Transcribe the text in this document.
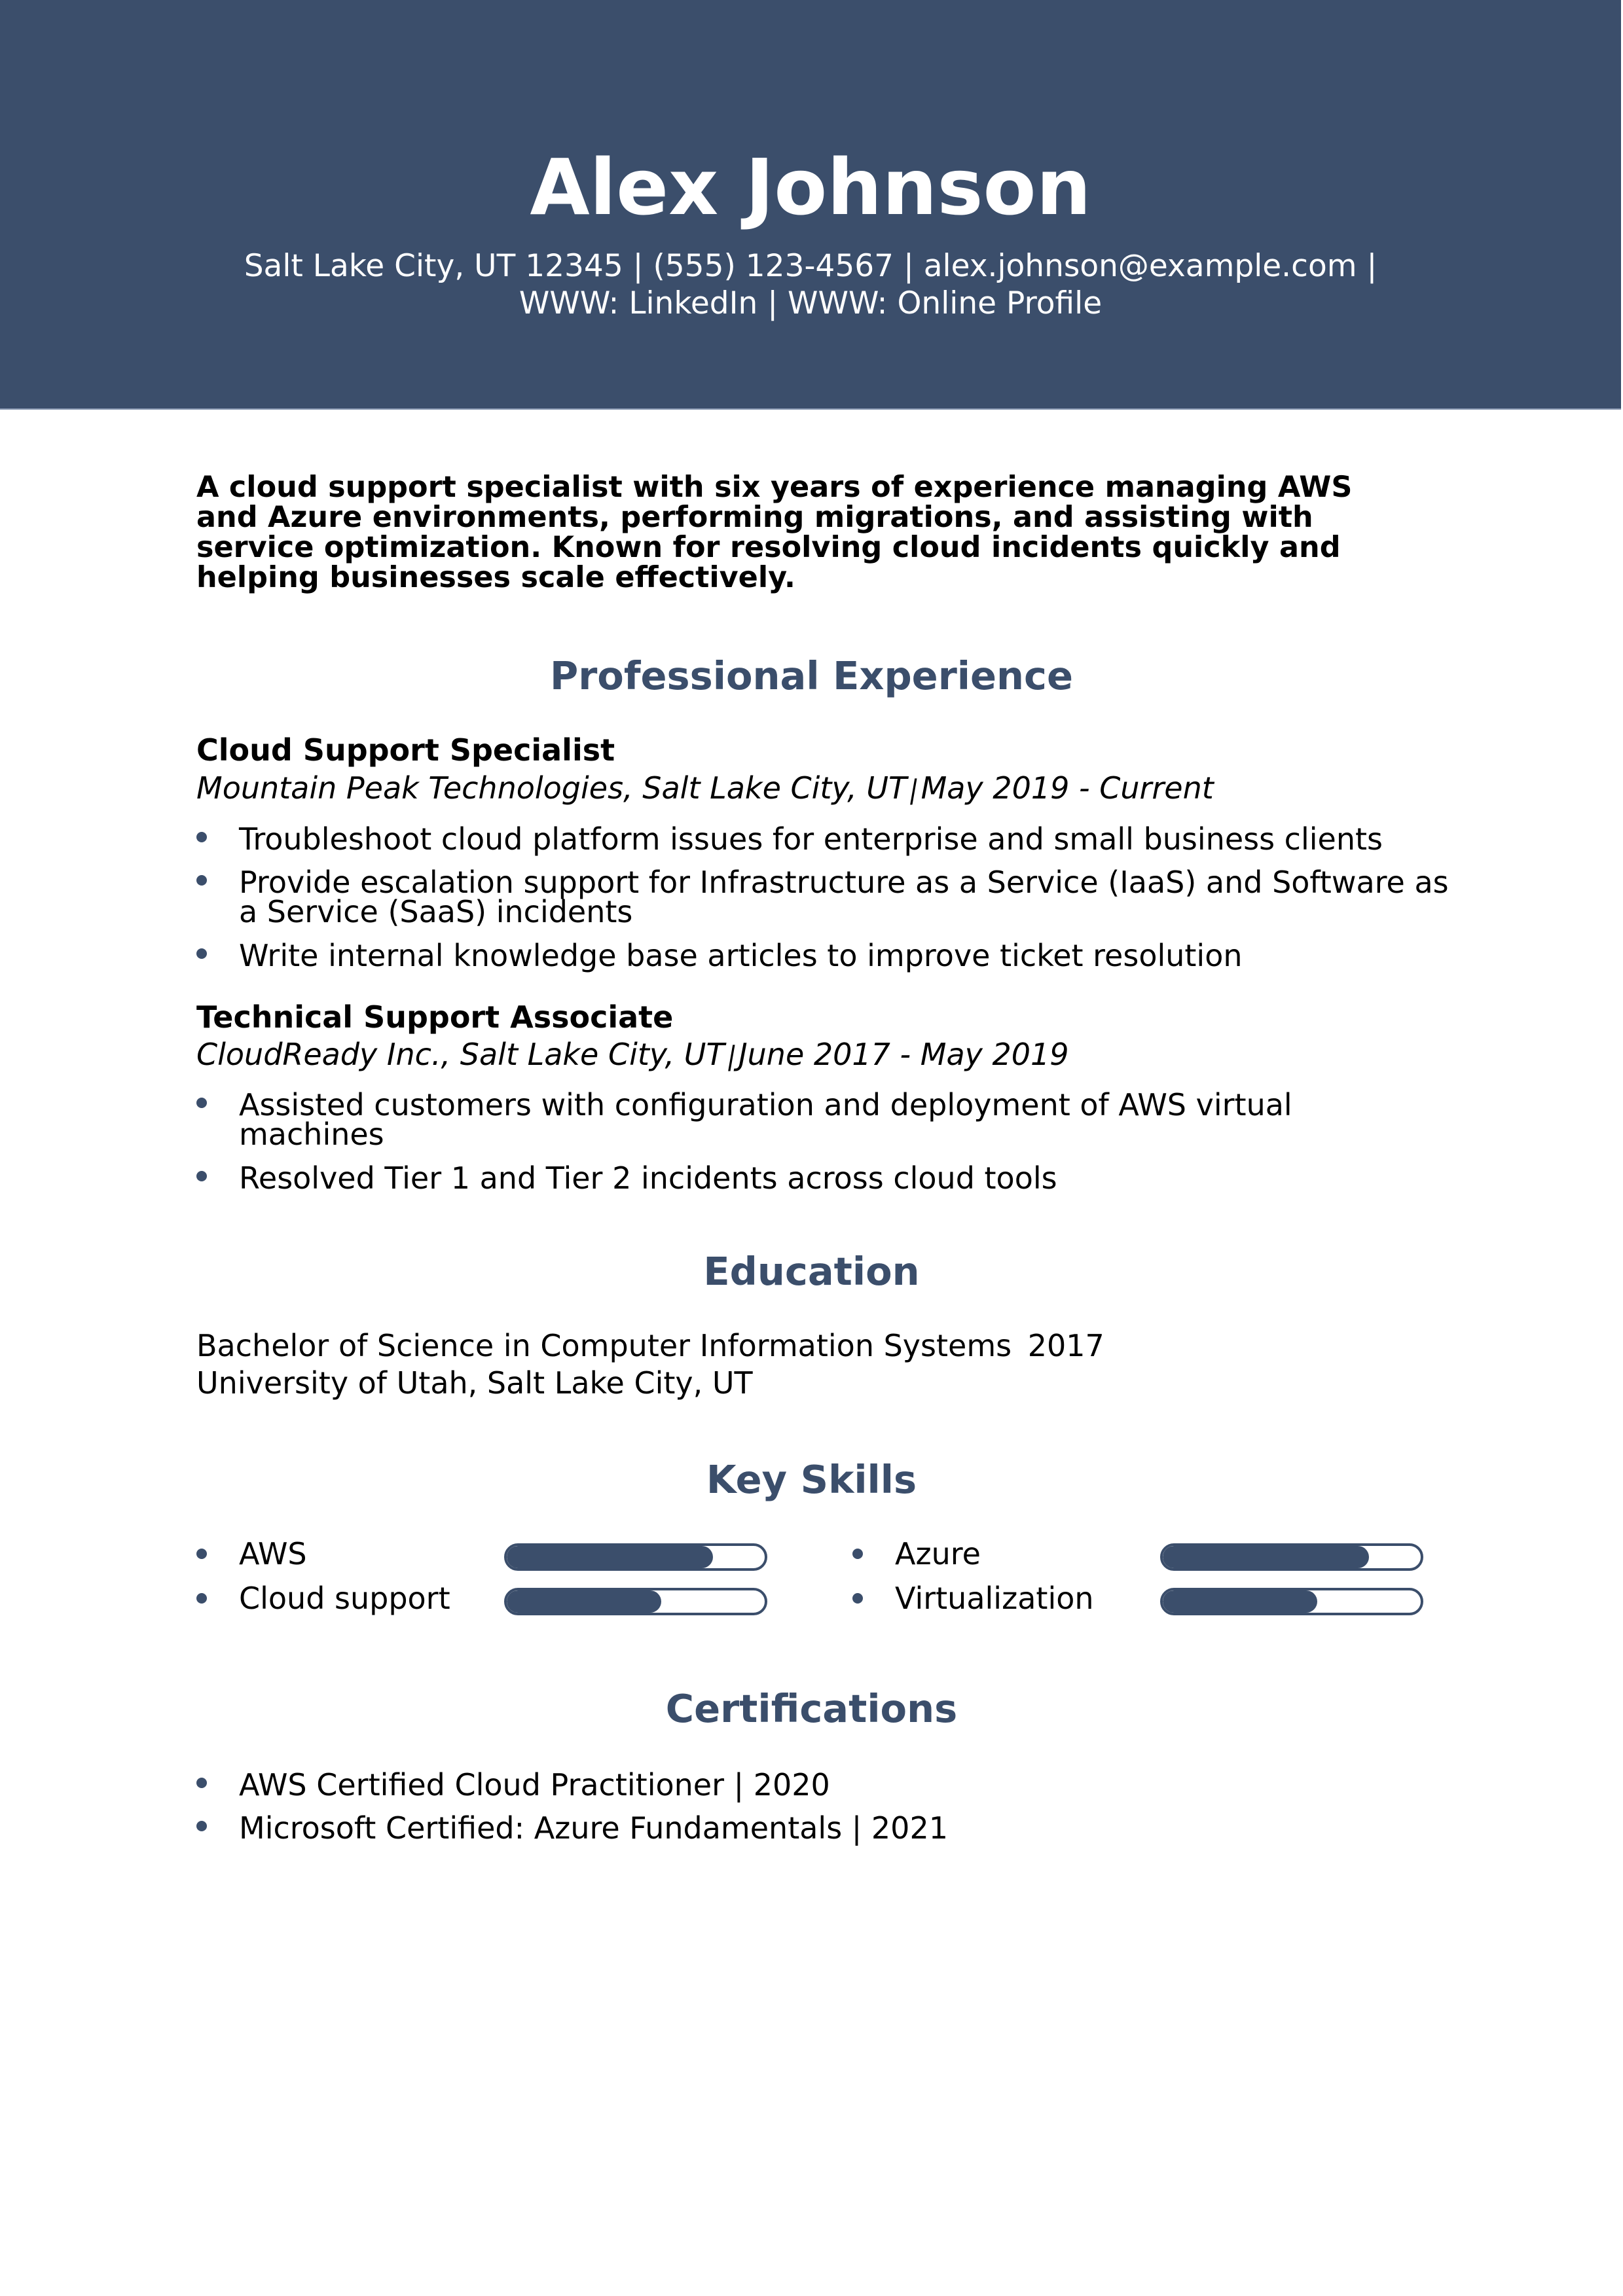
Alex Johnson
Salt Lake City, UT 12345 | (555) 123-4567 | alex.johnson@example.com |
WWW: LinkedIn | WWW: Online Profile
A cloud support specialist with six years of experience managing AWS
and Azure environments, performing migrations, and assisting with
service optimization. Known for resolving cloud incidents quickly and
helping businesses scale effectively.
Professional Experience
Cloud Support Specialist
Mountain Peak Technologies, Salt Lake City, UT|May 2019 - Current
Troubleshoot cloud platform issues for enterprise and small business clients
Provide escalation support for Infrastructure as a Service (IaaS) and Software as a Service (SaaS) incidents
Write internal knowledge base articles to improve ticket resolution
Technical Support Associate
CloudReady Inc., Salt Lake City, UT|June 2017 - May 2019
Assisted customers with configuration and deployment of AWS virtual machines
Resolved Tier 1 and Tier 2 incidents across cloud tools
Education
Bachelor of Science in Computer Information Systems 2017
University of Utah, Salt Lake City, UT
Key Skills
AWS	Azure
Cloud support	Virtualization
Certifications
AWS Certified Cloud Practitioner | 2020
Microsoft Certified: Azure Fundamentals | 2021
